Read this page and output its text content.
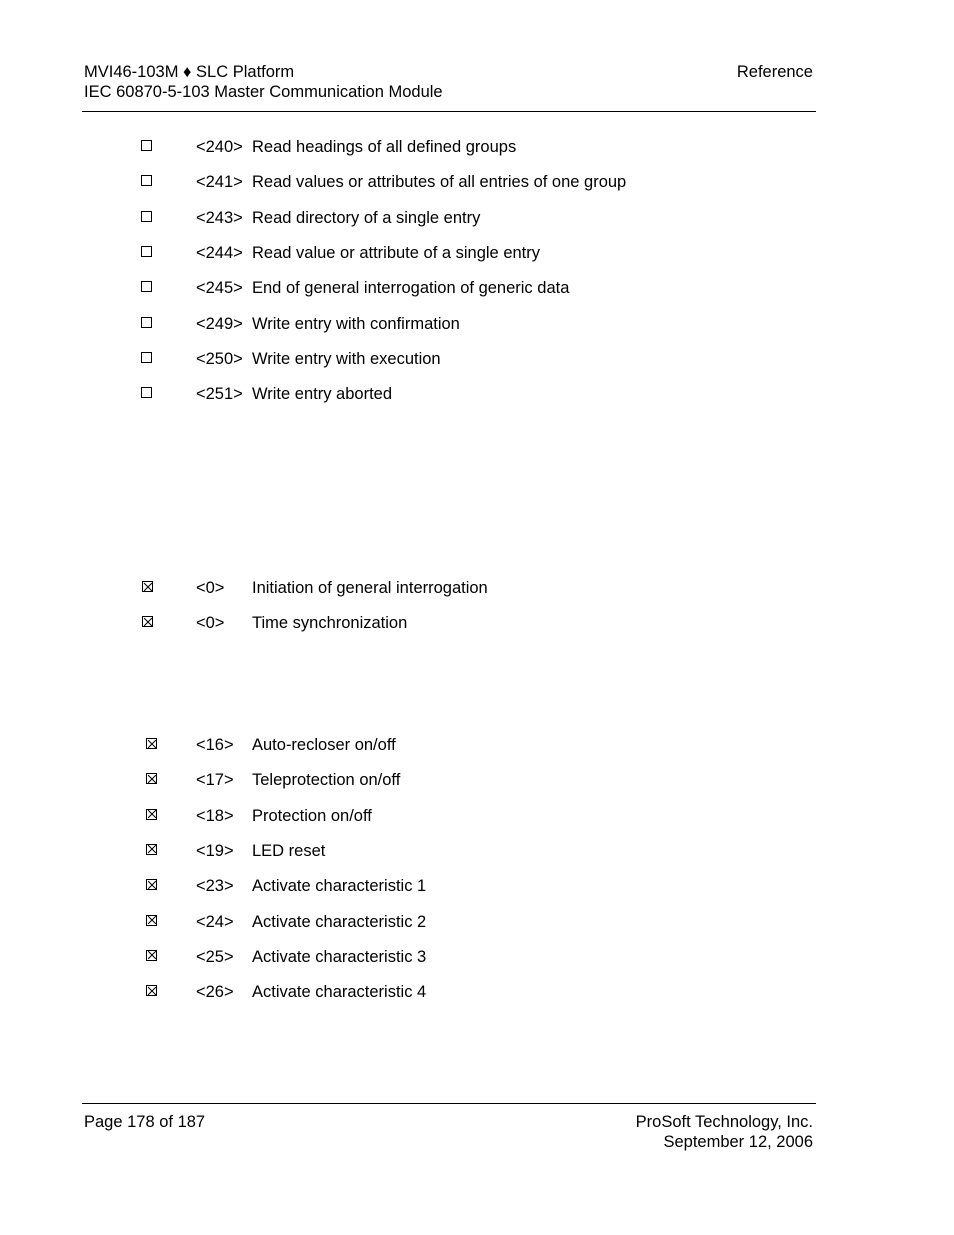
MVI46-103M ♦ SLC Platform
IEC 60870-5-103 Master Communication Module
Reference
<240> Read headings of all defined groups
<241> Read values or attributes of all entries of one group
<243> Read directory of a single entry
<244> Read value or attribute of a single entry
<245> End of general interrogation of generic data
<249> Write entry with confirmation
<250> Write entry with execution
<251> Write entry aborted
<0> Initiation of general interrogation
<0> Time synchronization
<16> Auto-recloser on/off
<17> Teleprotection on/off
<18> Protection on/off
<19> LED reset
<23> Activate characteristic 1
<24> Activate characteristic 2
<25> Activate characteristic 3
<26> Activate characteristic 4
Page 178 of 187	ProSoft Technology, Inc.
September 12, 2006
